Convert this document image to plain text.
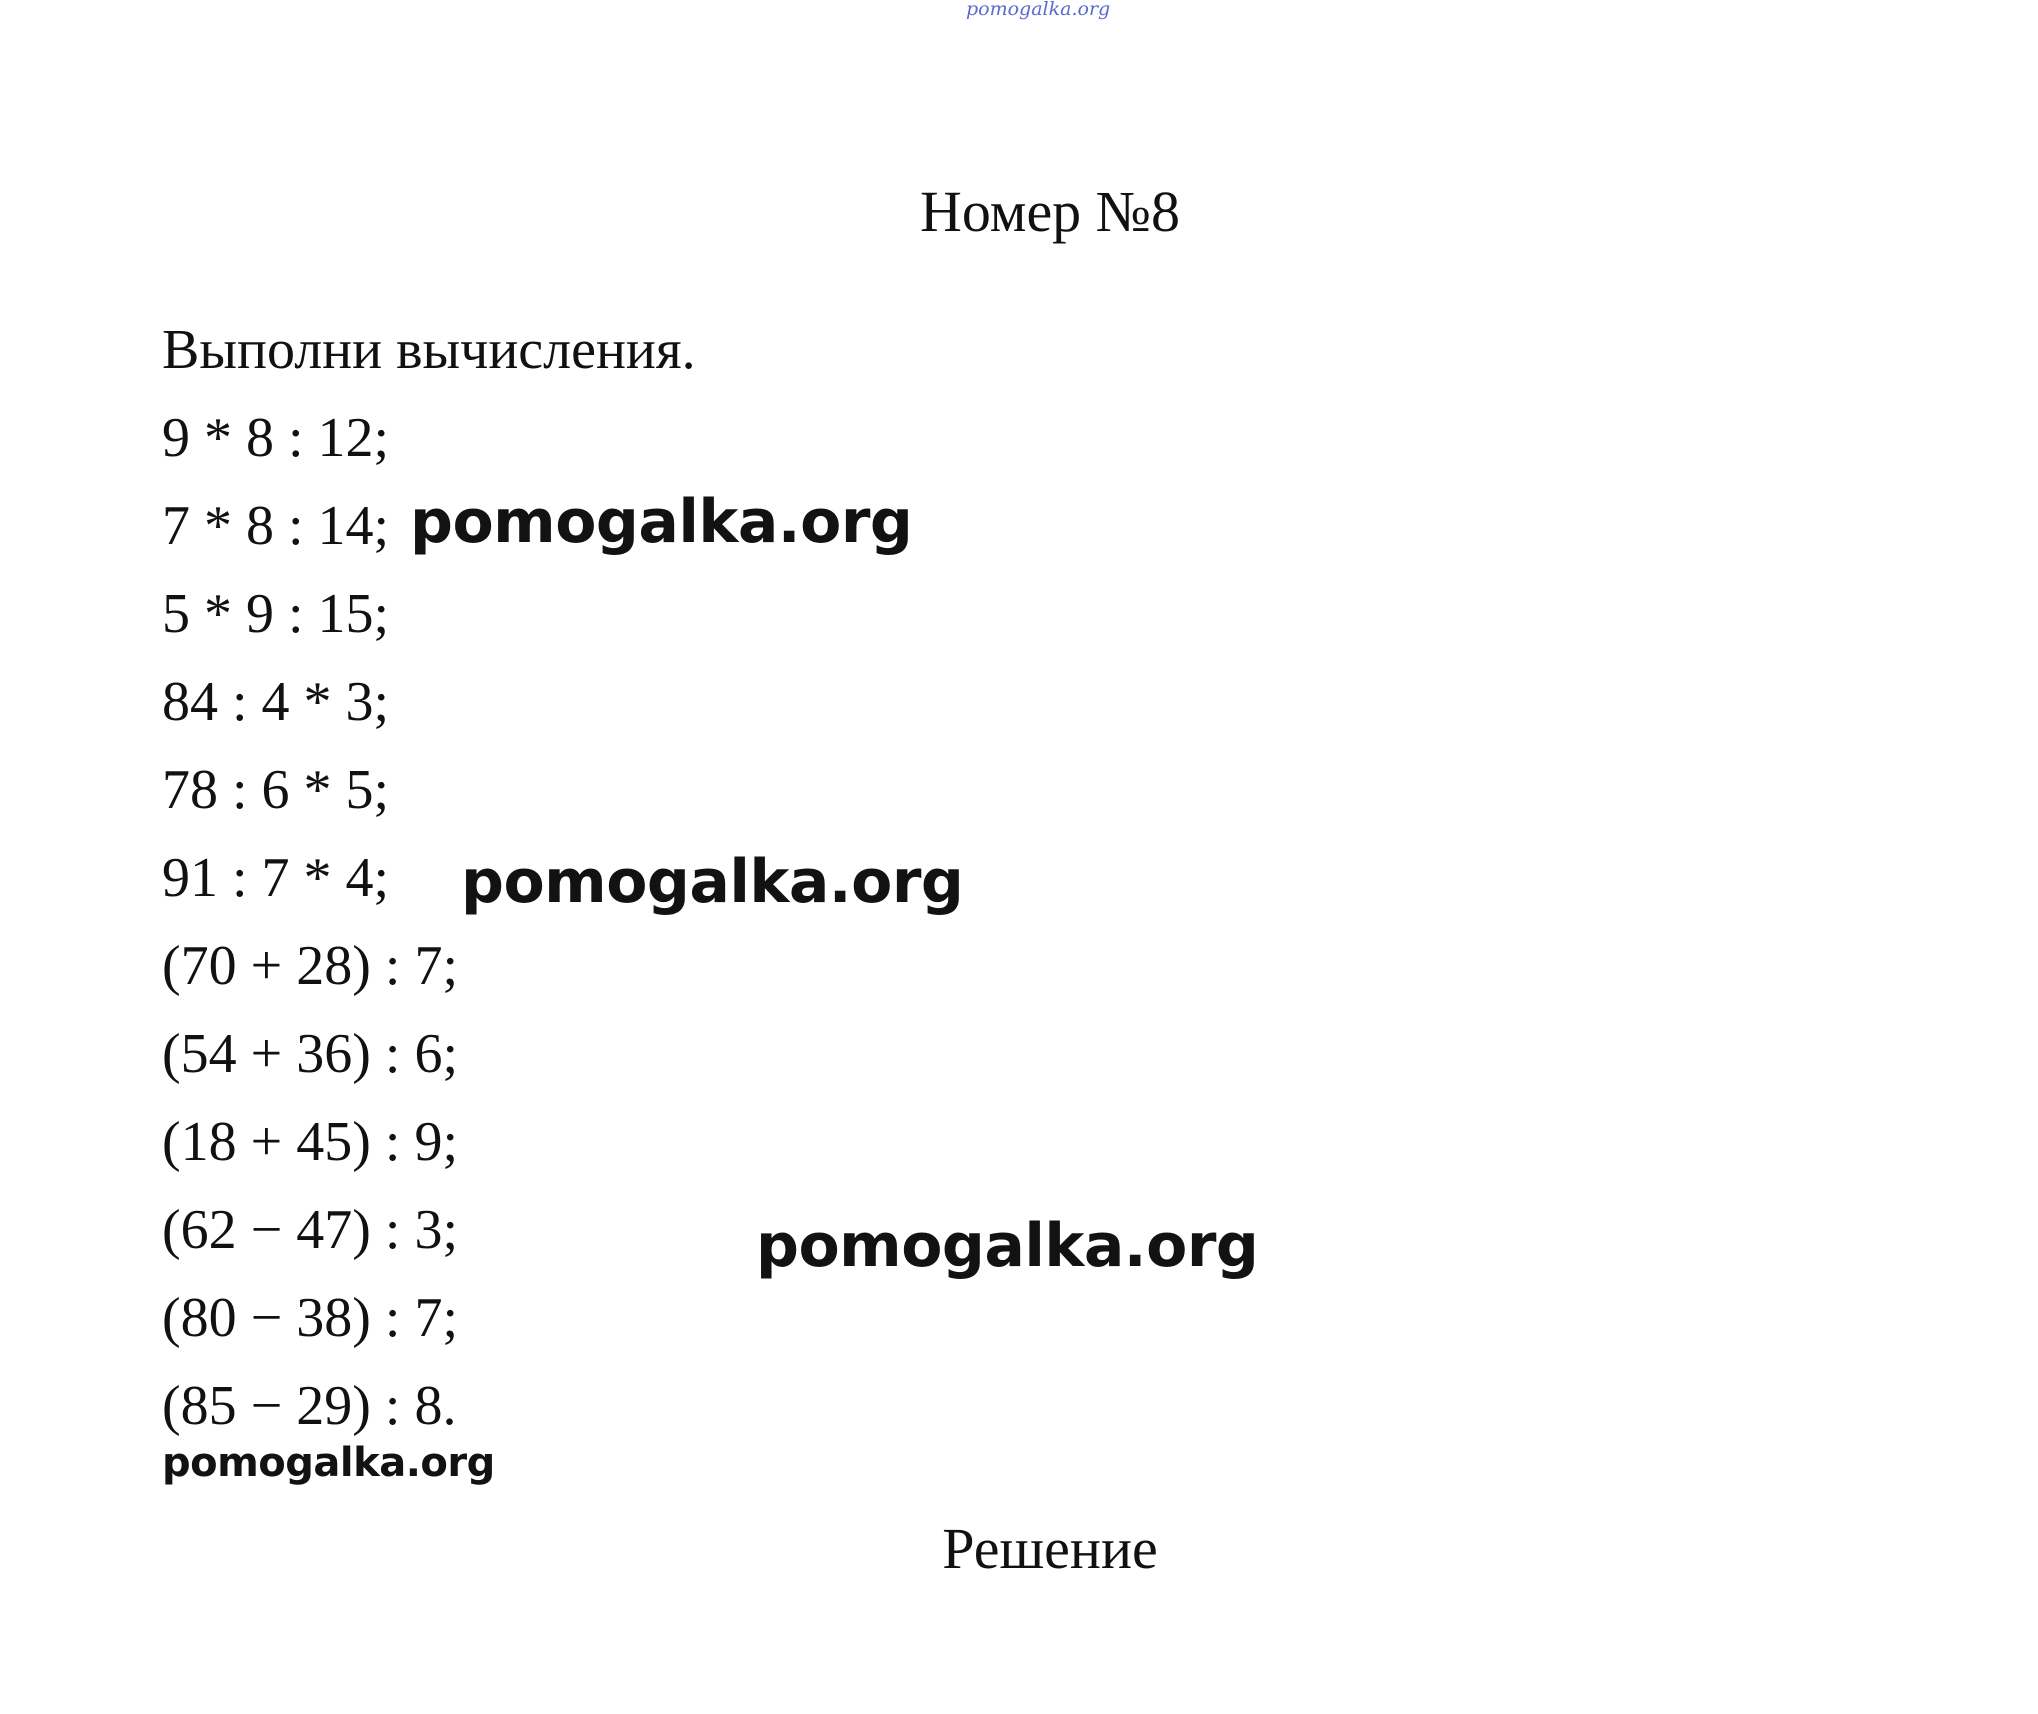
pomogalka.org
Номер №8
Выполни вычисления.
9 * 8 : 12;
7 * 8 : 14;
5 * 9 : 15;
84 : 4 * 3;
78 : 6 * 5;
91 : 7 * 4;
(70 + 28) : 7;
(54 + 36) : 6;
(18 + 45) : 9;
(62 − 47) : 3;
(80 − 38) : 7;
(85 − 29) : 8.
pomogalka.org
pomogalka.org
pomogalka.org
pomogalka.org
Решение
